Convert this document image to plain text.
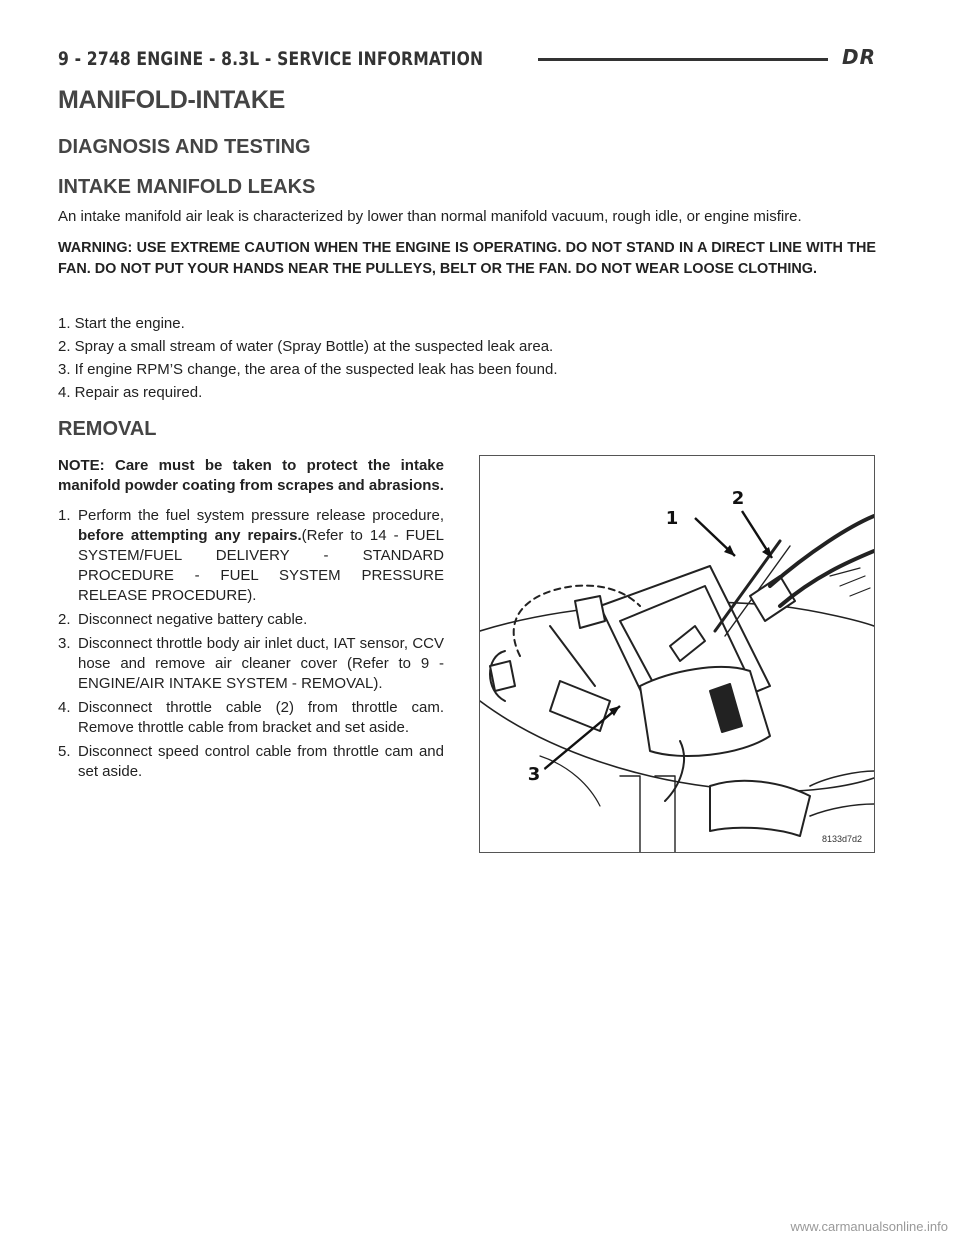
9 - 2748 ENGINE - 8.3L - SERVICE INFORMATION	DR
MANIFOLD-INTAKE
DIAGNOSIS AND TESTING
INTAKE MANIFOLD LEAKS

An intake manifold air leak is characterized by lower than normal manifold vacuum, rough idle, or engine misfire.

WARNING: USE EXTREME CAUTION WHEN THE ENGINE IS OPERATING. DO NOT STAND IN A DIRECT LINE WITH THE FAN. DO NOT PUT YOUR HANDS NEAR THE PULLEYS, BELT OR THE FAN. DO NOT WEAR LOOSE CLOTHING.

1. Start the engine.

2. Spray a small stream of water (Spray Bottle) at the suspected leak area.

3. If engine RPM’S change, the area of the suspected leak has been found.

4. Repair as required.

REMOVAL

NOTE: Care must be taken to protect the intake manifold powder coating from scrapes and abrasions.

1. Perform the fuel system pressure release procedure, before attempting any repairs.(Refer to 14 - FUEL SYSTEM/FUEL DELIVERY - STANDARD PROCEDURE - FUEL SYSTEM PRESSURE RELEASE PROCEDURE).

2. Disconnect negative battery cable.

3. Disconnect throttle body air inlet duct, IAT sensor, CCV hose and remove air cleaner cover (Refer to 9 - ENGINE/AIR INTAKE SYSTEM - REMOVAL).

4. Disconnect throttle cable (2) from throttle cam. Remove throttle cable from bracket and set aside.

5. Disconnect speed control cable from throttle cam and set aside.

1
2
3
8133d7d2
www.carmanualsonline.info
